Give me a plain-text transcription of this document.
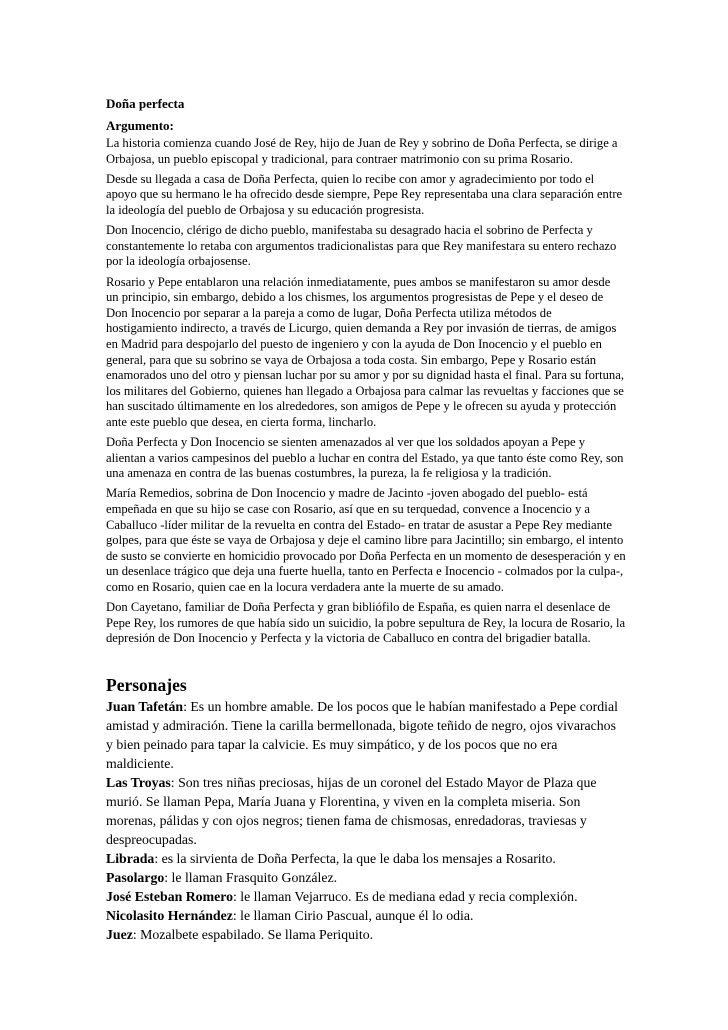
Doña perfecta
Argumento:

La historia comienza cuando José de Rey, hijo de Juan de Rey y sobrino de Doña Perfecta, se dirige a Orbajosa, un pueblo episcopal y tradicional, para contraer matrimonio con su prima Rosario.

Desde su llegada a casa de Doña Perfecta, quien lo recibe con amor y agradecimiento por todo el apoyo que su hermano le ha ofrecido desde siempre, Pepe Rey representaba una clara separación entre la ideología del pueblo de Orbajosa y su educación progresista.

Don Inocencio, clérigo de dicho pueblo, manifestaba su desagrado hacia el sobrino de Perfecta y constantemente lo retaba con argumentos tradicionalistas para que Rey manifestara su entero rechazo por la ideología orbajosense.

Rosario y Pepe entablaron una relación inmediatamente, pues ambos se manifestaron su amor desde un principio, sin embargo, debido a los chismes, los argumentos progresistas de Pepe y el deseo de Don Inocencio por separar a la pareja a como de lugar, Doña Perfecta utiliza métodos de hostigamiento indirecto, a través de Licurgo, quien demanda a Rey por invasión de tierras, de amigos en Madrid para despojarlo del puesto de ingeniero y con la ayuda de Don Inocencio y el pueblo en general, para que su sobrino se vaya de Orbajosa a toda costa. Sin embargo, Pepe y Rosario están enamorados uno del otro y piensan luchar por su amor y por su dignidad hasta el final. Para su fortuna, los militares del Gobierno, quienes han llegado a Orbajosa para calmar las revueltas y facciones que se han suscitado últimamente en los alrededores, son amigos de Pepe y le ofrecen su ayuda y protección ante este pueblo que desea, en cierta forma, lincharlo.

Doña Perfecta y Don Inocencio se sienten amenazados al ver que los soldados apoyan a Pepe y alientan a varios campesinos del pueblo a luchar en contra del Estado, ya que tanto éste como Rey, son una amenaza en contra de las buenas costumbres, la pureza, la fe religiosa y la tradición.

María Remedios, sobrina de Don Inocencio y madre de Jacinto -joven abogado del pueblo- está empeñada en que su hijo se case con Rosario, así que en su terquedad, convence a Inocencio y a Caballuco -líder militar de la revuelta en contra del Estado- en tratar de asustar a Pepe Rey mediante golpes, para que éste se vaya de Orbajosa y deje el camino libre para Jacintillo; sin embargo, el intento de susto se convierte en homicidio provocado por Doña Perfecta en un momento de desesperación y en un desenlace trágico que deja una fuerte huella, tanto en Perfecta e Inocencio - colmados por la culpa-, como en Rosario, quien cae en la locura verdadera ante la muerte de su amado.

Don Cayetano, familiar de Doña Perfecta y gran bibliófilo de España, es quien narra el desenlace de Pepe Rey, los rumores de que había sido un suicidio, la pobre sepultura de Rey, la locura de Rosario, la depresión de Don Inocencio y Perfecta y la victoria de Caballuco en contra del brigadier batalla.

Personajes

Juan Tafetán: Es un hombre amable. De los pocos que le habían manifestado a Pepe cordial amistad y admiración. Tiene la carilla bermellonada, bigote teñido de negro, ojos vivarachos y bien peinado para tapar la calvicie. Es muy simpático, y de los pocos que no era maldiciente.

Las Troyas: Son tres niñas preciosas, hijas de un coronel del Estado Mayor de Plaza que murió. Se llaman Pepa, María Juana y Florentina, y viven en la completa miseria. Son morenas, pálidas y con ojos negros; tienen fama de chismosas, enredadoras, traviesas y despreocupadas.

Librada: es la sirvienta de Doña Perfecta, la que le daba los mensajes a Rosarito.

Pasolargo: le llaman Frasquito González.

José Esteban Romero: le llaman Vejarruco. Es de mediana edad y recia complexión.

Nicolasito Hernández: le llaman Cirio Pascual, aunque él lo odia.

Juez: Mozalbete espabilado. Se llama Periquito.
